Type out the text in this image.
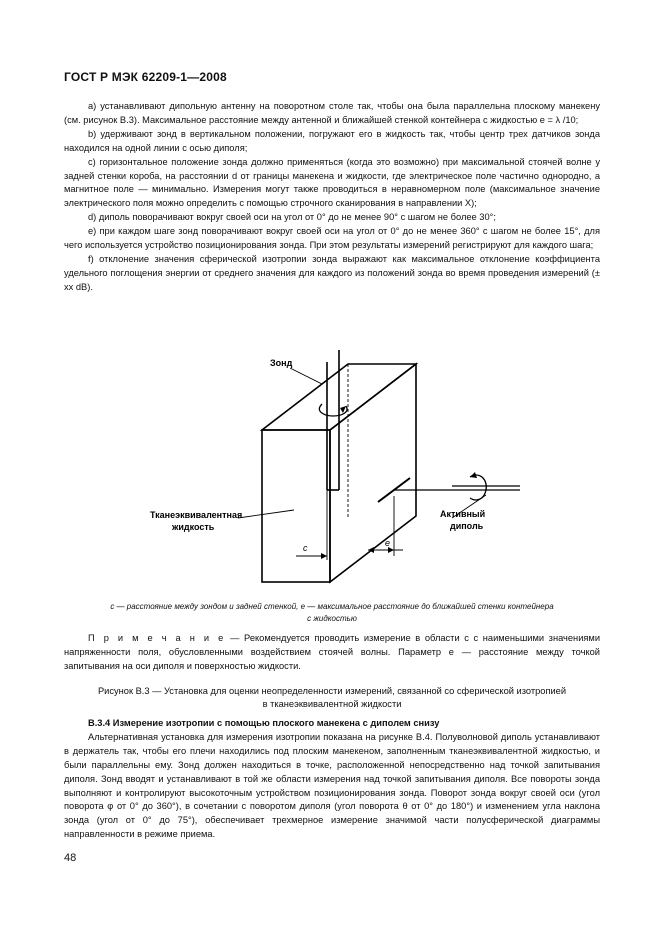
ГОСТ Р МЭК 62209-1—2008

a) устанавливают дипольную антенну на поворотном столе так, чтобы она была параллельна плоскому манекену (см. рисунок В.3). Максимальное расстояние между антенной и ближайшей стенкой контейнера с жидкостью e = λ /10;

b) удерживают зонд в вертикальном положении, погружают его в жидкость так, чтобы центр трех датчиков зонда находился на одной линии с осью диполя;

c) горизонтальное положение зонда должно применяться (когда это возможно) при максимальной стоячей волне у задней стенки короба, на расстоянии d от границы манекена и жидкости, где электрическое поле частично однородно, а магнитное поле — минимально. Измерения могут также проводиться в неравномерном поле (максимальное значение электрического поля можно определить с помощью строчного сканирования в направлении X);

d) диполь поворачивают вокруг своей оси на угол от 0° до не менее 90° с шагом не более 30°;

e) при каждом шаге зонд поворачивают вокруг своей оси на угол от 0° до не менее 360° с шагом не более 15°, для чего используется устройство позиционирования зонда. При этом результаты измерений регистрируют для каждого шага;

f) отклонение значения сферической изотропии зонда выражают как максимальное отклонение коэффициента удельного поглощения энергии от среднего значения для каждого из положений зонда во время проведения измерений (± xx dB).

c	e
Зонд
Тканеэквивалентная
жидкость
Активный
диполь
c — расстояние между зондом и задней стенкой, e — максимальное расстояние до ближайшей стенки контейнера
с жидкостью

П р и м е ч а н и е — Рекомендуется проводить измерение в области c с наименьшими значениями напряженности поля, обусловленными воздействием стоячей волны. Параметр e — расстояние между точкой запитывания на оси диполя и поверхностью жидкости.

Рисунок В.3 — Установка для оценки неопределенности измерений, связанной со сферической изотропией
в тканеэквивалентной жидкости

В.3.4 Измерение изотропии с помощью плоского манекена с диполем снизу

Альтернативная установка для измерения изотропии показана на рисунке В.4. Полуволновой диполь устанавливают в держатель так, чтобы его плечи находились под плоским манекеном, заполненным тканеэквивалентной жидкостью, и были параллельны ему. Зонд должен находиться в точке, расположенной непосредственно над точкой запитывания диполя. Зонд вводят и устанавливают в той же области измерения над точкой запитывания диполя. Все повороты зонда выполняют и контролируют высокоточным устройством позиционирования зонда. Поворот зонда вокруг своей оси (угол поворота φ от 0° до 360°), в сочетании с поворотом диполя (угол поворота θ от 0° до 180°) и изменением угла наклона зонда (угол от 0° до 75°), обеспечивает трехмерное измерение значимой части полусферической диаграммы направленности в режиме приема.

48
